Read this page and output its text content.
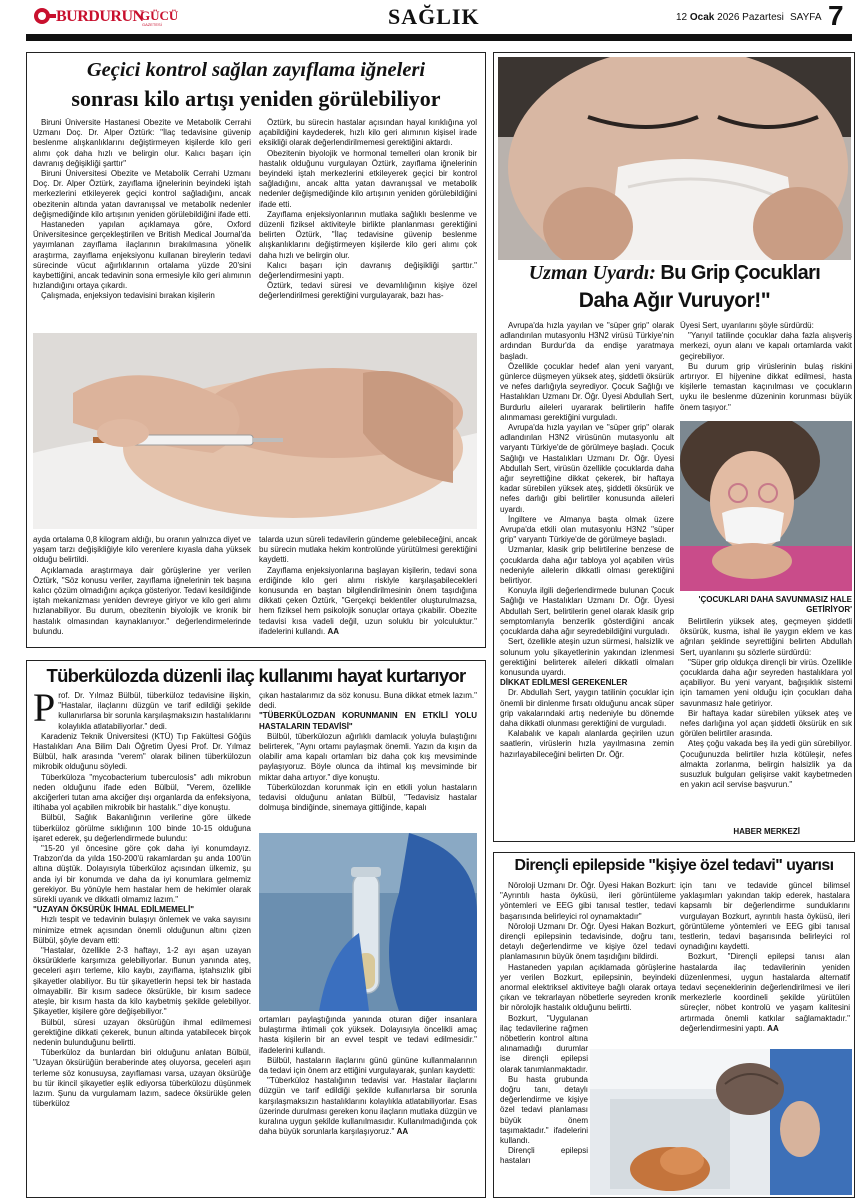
BURDURUN
GÜCÜ
GAZETESİ	SAĞLIK	12 Ocak 2026 Pazartesi SAYFA 7
Geçici kontrol sağlan zayıflama iğneleri
sonrası kilo artışı yeniden görülebiliyor

Biruni Üniversite Hastanesi Obezite ve Metabolik Cerrahi Uzmanı Doç. Dr. Alper Öztürk: "İlaç tedavisine güvenip beslenme alışkanlıklarını değiştirmeyen kişilerde kilo geri alımı çok daha hızlı ve belirgin olur. Kalıcı başarı için davranış değişikliği şarttır"

Biruni Üniversitesi Obezite ve Metabolik Cerrahi Uzmanı Doç. Dr. Alper Öztürk, zayıflama iğnelerinin beyindeki iştah merkezlerini etkileyerek geçici kontrol sağladığını, ancak obezitenin altında yatan davranışsal ve metabolik nedenler değişmediğinde kilo artışının yeniden görülebildiğini ifade etti.

Hastaneden yapılan açıklamaya göre, Oxford Üniversitesince gerçekleştirilen ve British Medical Journal'da yayımlanan zayıflama ilaçlarının bırakılmasına yönelik araştırma, zayıflama enjeksiyonu kullanan bireylerin tedavi sürecinde vücut ağırlıklarının ortalama yüzde 20'sini kaybettiğini, ancak tedavinin sona ermesiyle kilo geri alımının hızlandığını ortaya çıkardı.

Çalışmada, enjeksiyon tedavisini bırakan kişilerin

Öztürk, bu sürecin hastalar açısından hayal kırıklığına yol açabildiğini kaydederek, hızlı kilo geri alımının kişisel irade eksikliği olarak değerlendirilmemesi gerektiğini aktardı.

Obezitenin biyolojik ve hormonal temelleri olan kronik bir hastalık olduğunu vurgulayan Öztürk, zayıflama iğnelerinin beyindeki iştah merkezlerini etkileyerek geçici bir kontrol sağladığını, ancak altta yatan davranışsal ve metabolik nedenler değişmediğinde kilo artışının yeniden görülebildiğini ifade etti.

Zayıflama enjeksiyonlarının mutlaka sağlıklı beslenme ve düzenli fiziksel aktiviteyle birlikte planlanması gerektiğini belirten Öztürk, "İlaç tedavisine güvenip beslenme alışkanlıklarını değiştirmeyen kişilerde kilo geri alımı çok daha hızlı ve belirgin olur.

Kalıcı başarı için davranış değişikliği şarttır." değerlendirmesini yaptı.

Öztürk, tedavi süresi ve devamlılığının kişiye özel değerlendirilmesi gerektiğini vurgulayarak, bazı has-

ayda ortalama 0,8 kilogram aldığı, bu oranın yalnızca diyet ve yaşam tarzı değişikliğiyle kilo verenlere kıyasla daha yüksek olduğu belirtildi.

Açıklamada araştırmaya dair görüşlerine yer verilen Öztürk, "Söz konusu veriler, zayıflama iğnelerinin tek başına kalıcı çözüm olmadığını açıkça gösteriyor. Tedavi kesildiğinde iştah mekanizması yeniden devreye giriyor ve kilo geri alımı hızlanabiliyor. Bu durum, obezitenin biyolojik ve kronik bir hastalık olmasından kaynaklanıyor." değerlendirmelerinde bulundu.

talarda uzun süreli tedavilerin gündeme gelebileceğini, ancak bu sürecin mutlaka hekim kontrolünde yürütülmesi gerektiğini kaydetti.

Zayıflama enjeksiyonlarına başlayan kişilerin, tedavi sona erdiğinde kilo geri alımı riskiyle karşılaşabilecekleri konusunda en baştan bilgilendirilmesinin önem taşıdığına dikkati çeken Öztürk, "Gerçekçi beklentiler oluşturulmazsa, hem fiziksel hem psikolojik sonuçlar ortaya çıkabilir. Obezite tedavisi kısa vadeli değil, uzun soluklu bir yolculuktur." ifadelerini kullandı. AA

Uzman Uyardı: Bu Grip Çocukları
Daha Ağır Vuruyor!"

Avrupa'da hızla yayılan ve "süper grip" olarak adlandırılan mutasyonlu H3N2 virüsü Türkiye'nin ardından Burdur'da da endişe yaratmaya başladı.

Özellikle çocuklar hedef alan yeni varyant, günlerce düşmeyen yüksek ateş, şiddetli öksürük ve nefes darlığıyla seyrediyor. Çocuk Sağlığı ve Hastalıkları Uzmanı Dr. Öğr. Üyesi Abdullah Sert, Burdurlu aileleri uyararak belirtilerin hafife alınmaması gerektiğini vurguladı.

Avrupa'da hızla yayılan ve "süper grip" olarak adlandırılan H3N2 virüsünün mutasyonlu alt varyantı Türkiye'de de görülmeye başladı. Çocuk Sağlığı ve Hastalıkları Uzmanı Dr. Öğr. Üyesi Abdullah Sert, virüsün özellikle çocuklarda daha ağır seyrettiğine dikkat çekerek, bir haftaya kadar sürebilen yüksek ateş, şiddetli öksürük ve nefes darlığı gibi belirtiler konusunda aileleri uyardı.

İngiltere ve Almanya başta olmak üzere Avrupa'da etkili olan mutasyonlu H3N2 "süper grip" varyantı Türkiye'de de görülmeye başladı.

Uzmanlar, klasik grip belirtilerine benzese de çocuklarda daha ağır tabloya yol açabilen virüs nedeniyle ailelerin dikkatli olması gerektiğini belirtiyor.

Konuyla ilgili değerlendirmede bulunan Çocuk Sağlığı ve Hastalıkları Uzmanı Dr. Öğr. Üyesi Abdullah Sert, belirtilerin genel olarak klasik grip semptomlarıyla benzerlik gösterdiğini ancak çocuklarda daha ağır seyredebildiğini vurguladı.

Sert, özellikle ateşin uzun sürmesi, halsizlik ve solunum yolu şikayetlerinin yakından izlenmesi gerektiğini belirterek aileleri dikkatli olmaları konusunda uyardı.

DİKKAT EDİLMESİ GEREKENLER

Dr. Abdullah Sert, yaygın tatilinin çocuklar için önemli bir dinlenme fırsatı olduğunu ancak süper grip vakalarındaki artış nedeniyle bu dönemde daha dikkatli olunması gerektiğini de vurguladı.

Kalabalık ve kapalı alanlarda geçirilen uzun saatlerin, virüslerin hızla yayılmasına zemin hazırlayabileceğini belirten Dr. Öğr.

Üyesi Sert, uyarılarını şöyle sürdürdü:

"Yarıyıl tatilinde çocuklar daha fazla alışveriş merkezi, oyun alanı ve kapalı ortamlarda vakit geçirebiliyor.

Bu durum grip virüslerinin bulaş riskini artırıyor. El hijyenine dikkat edilmesi, hasta kişilerle temastan kaçınılması ve çocukların uyku ile beslenme düzeninin korunması büyük önem taşıyor."

'ÇOCUKLARI DAHA SAVUNMASIZ HALE GETİRİYOR'

Belirtilerin yüksek ateş, geçmeyen şiddetli öksürük, kusma, ishal ile yaygın eklem ve kas ağrıları şeklinde seyrettiğini belirten Abdullah Sert, uyarılarını şu sözlerle sürdürdü:

"Süper grip oldukça dirençli bir virüs. Özellikle çocuklarda daha ağır seyreden hastalıklara yol açabiliyor. Bu yeni varyant, bağışıklık sistemi için tamamen yeni olduğu için çocukları daha savunmasız hale getiriyor.

Bir haftaya kadar sürebilen yüksek ateş ve nefes darlığına yol açan şiddetli öksürük en sık görülen belirtiler arasında.

Ateş çoğu vakada beş ila yedi gün sürebiliyor. Çocuğunuzda belirtiler hızla kötüleşir, nefes almakta zorlanma, belirgin halsizlik ya da susuzluk bulguları gelişirse vakit kaybetmeden en yakın acil servise başvurun."

HABER MERKEZİ
Tüberkülozda düzenli ilaç kullanımı hayat kurtarıyor

P rof. Dr. Yılmaz Bülbül, tüberküloz tedavisine ilişkin, "Hastalar, ilaçlarını düzgün ve tarif edildiği şekilde kullanırlarsa bir sorunla karşılaşmaksızın hastalıklarını kolaylıkla atlatabiliyorlar." dedi.

Karadeniz Teknik Üniversitesi (KTÜ) Tıp Fakültesi Göğüs Hastalıkları Ana Bilim Dalı Öğretim Üyesi Prof. Dr. Yılmaz Bülbül, halk arasında "verem" olarak bilinen tüberkülozun mikrobik olduğunu söyledi.

Tüberküloza "mycobacterium tuberculosis" adlı mikrobun neden olduğunu ifade eden Bülbül, "Verem, özellikle akciğerleri tutan ama akciğer dışı organlarda da enfeksiyona, iltihaba yol açabilen mikrobik bir hastalık." diye konuştu.

Bülbül, Sağlık Bakanlığının verilerine göre ülkede tüberküloz görülme sıklığının 100 binde 10-15 olduğuna işaret ederek, şu değerlendirmede bulundu:

"15-20 yıl öncesine göre çok daha iyi konumdayız. Trabzon'da da yılda 150-200'ü rakamlardan şu anda 100'ün altına düştük. Dolayısıyla tüberküloz açısından ülkemiz, şu anda iyi bir konumda ve daha da iyi konumlara gelmemiz gerekiyor. Bu yönüyle hem hastalar hem de hekimler olarak sürekli uyanık ve dikkatli olmamız lazım."

"UZAYAN ÖKSÜRÜK İHMAL EDİLMEMELİ"

Hızlı tespit ve tedavinin bulaşıyı önlemek ve vaka sayısını minimize etmek açısından önemli olduğunun altını çizen Bülbül, şöyle devam etti:

"Hastalar, özellikle 2-3 haftayı, 1-2 ayı aşan uzayan öksürüklerle karşımıza gelebiliyorlar. Bunun yanında ateş, geceleri aşırı terleme, kilo kaybı, zayıflama, iştahsızlık gibi şikayetler olabiliyor. Bu tür şikayetlerin hepsi tek bir hastada olmayabilir. Bir kısım sadece öksürükle, bir kısım sadece ateşle, bir kısım hasta da kilo kaybetmiş şekilde gelebiliyor. Şikayetler, kişilere göre değişebiliyor."

Bülbül, süresi uzayan öksürüğün ihmal edilmemesi gerektiğine dikkati çekerek, bunun altında yatabilecek birçok nedenin bulunduğunu belirtti.

Tüberküloz da bunlardan biri olduğunu anlatan Bülbül, "Uzayan öksürüğün beraberinde ateş oluyorsa, geceleri aşırı terleme söz konusuysa, zayıflaması varsa, uzayan öksürüğe bu tür ikincil şikayetler eşlik ediyorsa tüberkülozu düşünmek lazım. Şunu da vurgulamam lazım, sadece öksürükle gelen tüberküloz

çıkan hastalarımız da söz konusu. Buna dikkat etmek lazım." dedi.

"TÜBERKÜLOZDAN KORUNMANIN EN ETKİLİ YOLU HASTALARIN TEDAVİSİ"

Bülbül, tüberkülozun ağırlıklı damlacık yoluyla bulaştığını belirterek, "Aynı ortamı paylaşmak önemli. Yazın da kışın da olabilir ama kapalı ortamları biz daha çok kış mevsiminde paylaşıyoruz. Böyle olunca da ihtimal kış mevsiminde bir miktar daha artıyor." diye konuştu.

Tüberkülozdan korunmak için en etkili yolun hastaların tedavisi olduğunu anlatan Bülbül, "Tedavisiz hastalar dolmuşa bindiğinde, sinemaya gittiğinde, kapalı

ortamları paylaştığında yanında oturan diğer insanlara bulaştırma ihtimali çok yüksek. Dolayısıyla öncelikli amaç hasta kişilerin bir an evvel tespit ve tedavi edilmesidir." ifadelerini kullandı.

Bülbül, hastaların ilaçlarını günü gününe kullanmalarının da tedavi için önem arz ettiğini vurgulayarak, şunları kaydetti:

"Tüberküloz hastalığının tedavisi var. Hastalar ilaçlarını düzgün ve tarif edildiği şekilde kullanırlarsa bir sorunla karşılaşmaksızın hastalıklarını kolaylıkla atlatabiliyorlar. Esas üzerinde durulması gereken konu ilaçların mutlaka düzgün ve kuralına uygun şekilde kullanılmasıdır. Kullanılmadığında çok daha büyük sorunlarla karşılaşıyoruz." AA

Dirençli epilepside "kişiye özel tedavi" uyarısı

Nöroloji Uzmanı Dr. Öğr. Üyesi Hakan Bozkurt: "Ayrıntılı hasta öyküsü, ileri görüntüleme yöntemleri ve EEG gibi tanısal testler, tedavi başarısında belirleyici rol oynamaktadır"

Nöroloji Uzmanı Dr. Öğr. Üyesi Hakan Bozkurt, dirençli epilepsinin tedavisinde, doğru tanı, detaylı değerlendirme ve kişiye özel tedavi planlamasının büyük önem taşıdığını bildirdi.

Hastaneden yapılan açıklamada görüşlerine yer verilen Bozkurt, epilepsinin, beyindeki anormal elektriksel aktiviteye bağlı olarak ortaya çıkan ve tekrarlayan nöbetlerle seyreden kronik bir nörolojik hastalık olduğunu belirtti.

Bozkurt, "Uygulanan ilaç tedavilerine rağmen nöbetlerin kontrol altına alınamadığı durumlar ise dirençli epilepsi olarak tanımlanmaktadır.

Bu hasta grubunda doğru tanı, detaylı değerlendirme ve kişiye özel tedavi planlaması büyük önem taşımaktadır." ifadelerini kullandı.

Dirençli epilepsi hastaları

için tanı ve tedavide güncel bilimsel yaklaşımları yakından takip ederek, hastalara kapsamlı bir değerlendirme sunduklarını vurgulayan Bozkurt, ayrıntılı hasta öyküsü, ileri görüntüleme yöntemleri ve EEG gibi tanısal testlerin, tedavi başarısında belirleyici rol oynadığını kaydetti.

Bozkurt, "Dirençli epilepsi tanısı alan hastalarda ilaç tedavilerinin yeniden düzenlenmesi, uygun hastalarda alternatif tedavi seçeneklerinin değerlendirilmesi ve ileri merkezlerle koordineli şekilde yürütülen süreçler, nöbet kontrolü ve yaşam kalitesini artırmada önemli katkılar sağlamaktadır." değerlendirmesini yaptı. AA
